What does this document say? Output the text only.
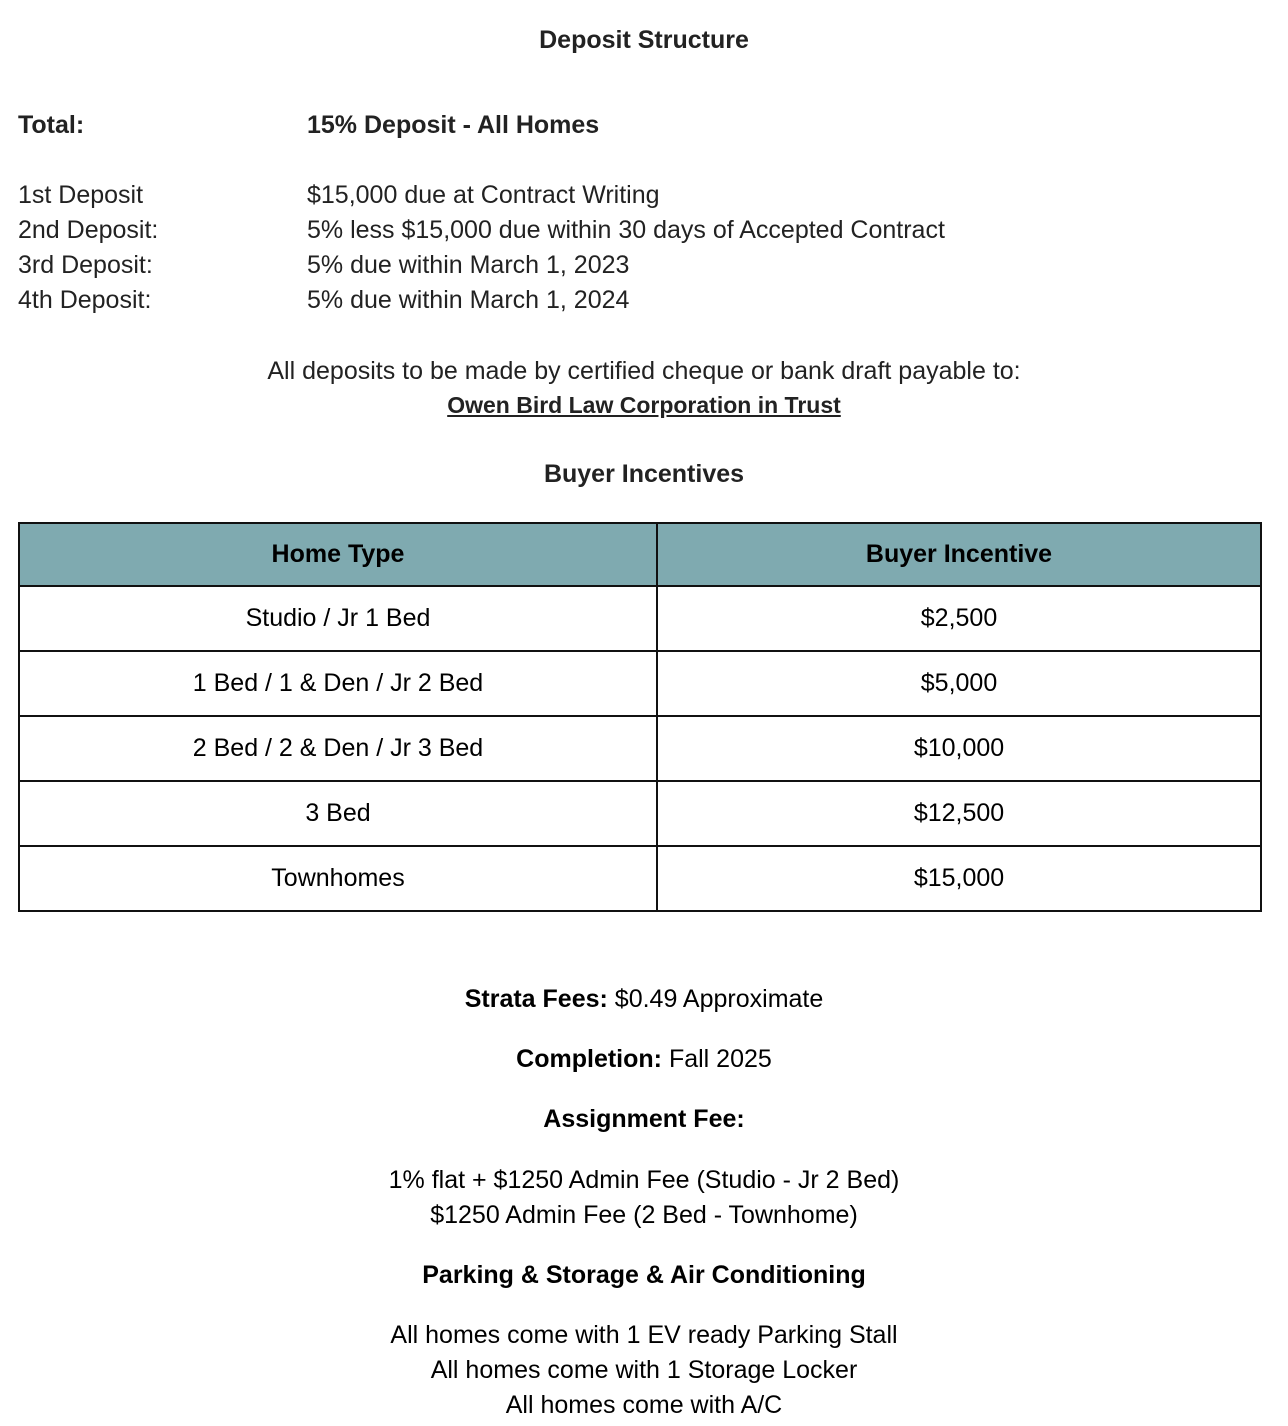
Deposit Structure
Total:	15% Deposit - All Homes
1st Deposit	$15,000 due at Contract Writing
2nd Deposit:	5% less $15,000 due within 30 days of Accepted Contract
3rd Deposit:	5% due within March 1, 2023
4th Deposit:	5% due within March 1, 2024
All deposits to be made by certified cheque or bank draft payable to:
Owen Bird Law Corporation in Trust
Buyer Incentives
Home Type	Buyer Incentive
Studio / Jr 1 Bed	$2,500
1 Bed / 1 & Den / Jr 2 Bed	$5,000
2 Bed / 2 & Den / Jr 3 Bed	$10,000
3 Bed	$12,500
Townhomes	$15,000
Strata Fees: $0.49 Approximate
Completion: Fall 2025
Assignment Fee:
1% flat + $1250 Admin Fee (Studio - Jr 2 Bed)
$1250 Admin Fee (2 Bed - Townhome)
Parking & Storage & Air Conditioning
All homes come with 1 EV ready Parking Stall
All homes come with 1 Storage Locker
All homes come with A/C
